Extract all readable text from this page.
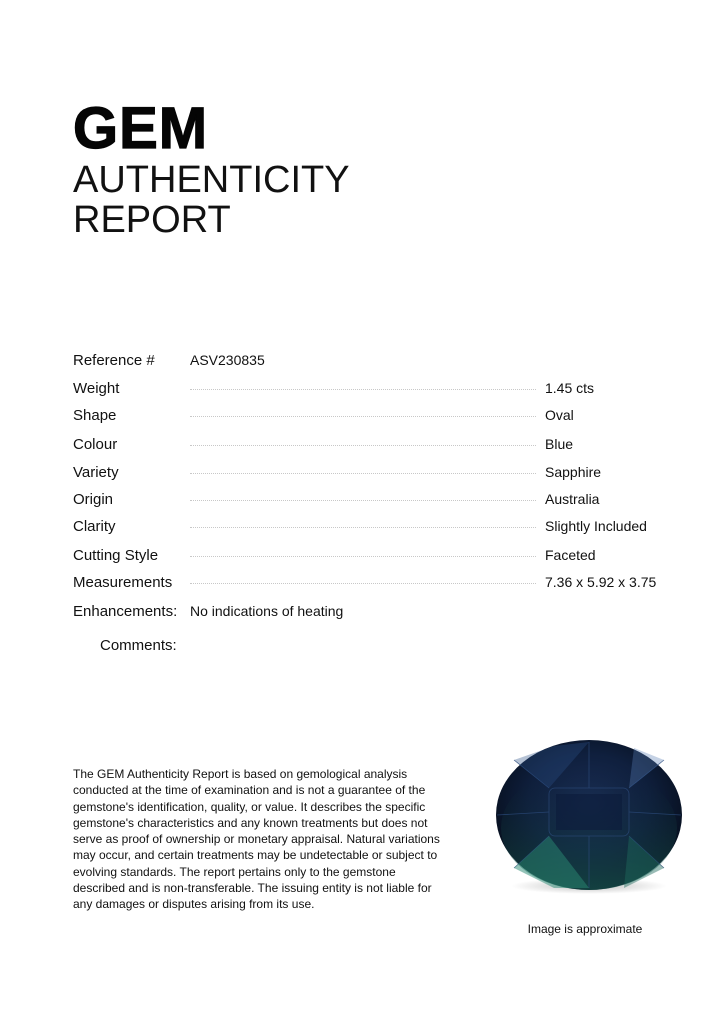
GEM
AUTHENTICITY
REPORT
Reference #	ASV230835
Weight	1.45 cts
Shape	Oval
Colour	Blue
Variety	Sapphire
Origin	Australia
Clarity	Slightly Included
Cutting Style	Faceted
Measurements	7.36 x 5.92 x 3.75
Enhancements: No indications of heating
Comments:

The GEM Authenticity Report is based on gemological analysis conducted at the time of examination and is not a guarantee of the gemstone's identification, quality, or value. It describes the specific gemstone's characteristics and any known treatments but does not serve as proof of ownership or monetary appraisal. Natural variations may occur, and certain treatments may be undetectable or subject to evolving standards. The report pertains only to the gemstone described and is non-transferable. The issuing entity is not liable for any damages or disputes arising from its use.

Image is approximate
